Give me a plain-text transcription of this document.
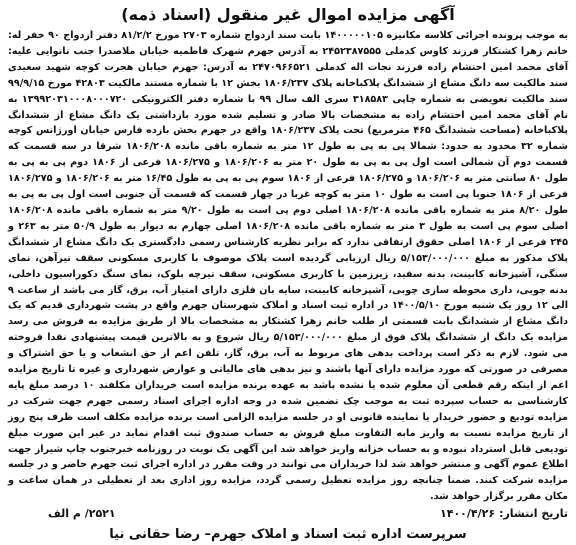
آگهی مزایده اموال غیر منقول (اسناد ذمه)

به موجب پرونده اجرائی کلاسه مکانیزه ۱۴۰۰۰۰۰۱۰۵ بابت سند ازدواج شماره ۲۷۰۳ مورخ ۸۱/۲/۲ دفتر ازدواج ۹۰ خفر له: خانم زهرا کشتکار فرزند کاوس کدملی ۲۴۵۲۳۸۷۵۵۵ به آدرس جهرم شهرک فاطمیه خیابان ملاصدرا جنب ناتوایی علیه: آقای محمد امین احتشام زاده فرزند نجات اله کدملی ۲۴۷۰۹۶۶۵۲۱ به آدرس: جهرم خیابان هجرت کوچه شهید سعیدی سند مالکیت سه دانگ مشاع از ششدانگ پلاکباخانه پلاک ۱۸۰۶/۲۳۷ بخش ۱۲ با شماره مستند مالکیت ۴۲۸۰۳ مورخ ۹۹/۹/۱۵ سند مالکیت تعویضی به شماره چاپی ۳۱۸۵۸۳ سری الف سال ۹۹ با شماره دفتر الکترونیکی ۱۳۹۹۲۰۳۱۰۰۰۸۰۰۰۷۲۰ به نام آقای محمد امین احتشام زاده به مشخصات بالا صادر و تسلیم شده مورد بازداشتی یک دانگ مشاع از ششدانگ پلاکباخانه (مساحت ششدانگ ۴۶۵ مترمربع) تحت پلاک ۱۸۰۶/۲۳۷ واقع در جهرم بخش بازده فارس خیابان اورژانس کوچه شماره ۳۲ محدود به حدود: شمالا پی به پی به طول ۱۲ متر به شماره باقی مانده ۱۸۰۶/۲۰۸ شرقا در سه قسمت که قسمت دوم آن شمالی است اول پی به پی به طول ۲۰ متر به ۱۸۰۶/۲۰۶ و ۱۸۰۶/۲۷۵ فرعی از ۱۸۰۶ دوم پی به پی به طول ۸۰ سانتی متر به ۱۸۰۶/۲۰۶ و ۱۸۰۶/۲۷۵ فرعی از ۱۸۰۶ سوم پی به پی به طول ۱۶/۴۵ متر به ۱۸۰۶/۲۰۶ و ۱۸۰۶/۲۷۵ فرعی از ۱۸۰۶ جنوبا پی است به طول ۱۰ متر به کوچه غربا در چهار قسمت که قسمت آن جنوبی است اول پی به پی به طول ۸/۲۰ متر به شماره باقی مانده ۱۸۰۶/۲۰۸ اصلی دوم پی است به طول ۹/۲۰ متر به شماره باقی مانده ۱۸۰۶/۲۰۸ اصلی سوم پی است به طول ۳ متر به شماره باقی مانده ۱۸۰۶/۲۰۸ اصلی چهارم به دیوار به طول ۵۰/۹ متر به ۲۶۳ و ۲۴۵ فرعی از ۱۸۰۶ اصلی حقوق ارتفاقی ندارد که برابر نظریه کارشناس رسمی دادگستری یک دانگ مشاع از ششدانگ پلاک مذکور به مبلغ ۵/۱۵۳/۰۰۰/۰۰۰ ریال ارزیابی گردیده است پلاک موصوف با کاربری مسکونی سقف تیرآهن، نمای سنگی، آشپزخانه کابینت، بدنه سفید، زیرزمین با کاربری مسکونی، سقف تیرچه بلوک، نمای سنگ دکوراسیون داخلی، بدنه چوبی، داری محوطه سازی چوبی، آشپزخانه کابینت، سایه بان فلزی دارای امتیاز آب، برق، گاز می باشد از ساعت ۹ الی ۱۲ روز یک شنبه مورخ ۱۴۰۰/۵/۱۰ در اداره ثبت اسناد و املاک شهرستان جهرم واقع در پشت شهرداری قدیم که یک دانگ مشاع از ششدانگ بابت قسمتی از طلب خانم زهرا کشتکار به مشخصات بالا از طریق مزایده به فروش می رسد مزایده یک دانگ از ششدانگ پلاک فوق از مبلغ ۵/۱۵۳/۰۰۰/۰۰۰ ریال شروع و به بالاترین قیمت پیشنهادی نقدا فروخته می شود. لازم به ذکر است پرداخت بدهی های مربوط به آب، برق، گاز، تلفن اعم از حق انشعاب و یا حق اشتراک و مصرفی در صورتی که مورد مزایده دارای آنها باشند و نیز بدهی های مالیاتی و عوارض شهرداری و غیره تا تاریخ مزایده اعم از اینکه رقم قطعی آن معلوم شده یا نشده باشد به عهده برنده مزایده است خریداران مکلفند ۱۰ درصد مبلغ پایه کارشناسی به حساب سپرده ثبت به موجب چک تضمین شده در وجه اداره اجرای اسناد رسمی جهرم جهت شرکت در مزایده تودیع و حضور خریدار یا نماینده قانونی او در جلسه مزایده الزامی است برنده مزایده مکلف است ظرف پنج روز از تاریخ مزایده نسبت به واریز مابه التفاوت مبلغ فروش به حساب صندوق ثبت اقدام نماید در غیر این صورت مبلغ تودیعی قابل استرداد نبوده و به حساب خزانه واریز خواهد شد این آگهی یک نوبت در روزنامه خبرجنوب چاپ شیراز جهت اطلاع عموم آگهی و منتشر خواهد شد لذا خریداران می توانند در وقت مقرر در اداره اجرای ثبت جهرم حاضر و در جلسه مزایده شرکت کنند. ضمنا چنانچه روز مزایده تعطیل رسمی گردد، مزایده روز اداری بعد از تعطیلی در همان ساعت و مکان مقرر برگزار خواهد شد.

تاریخ انتشار:
۱۴۰۰/۴/۲۶
۲۵۲۱/ م الف
سرپرست اداره ثبت اسناد و املاک جهرم– رضا حقانی نیا
